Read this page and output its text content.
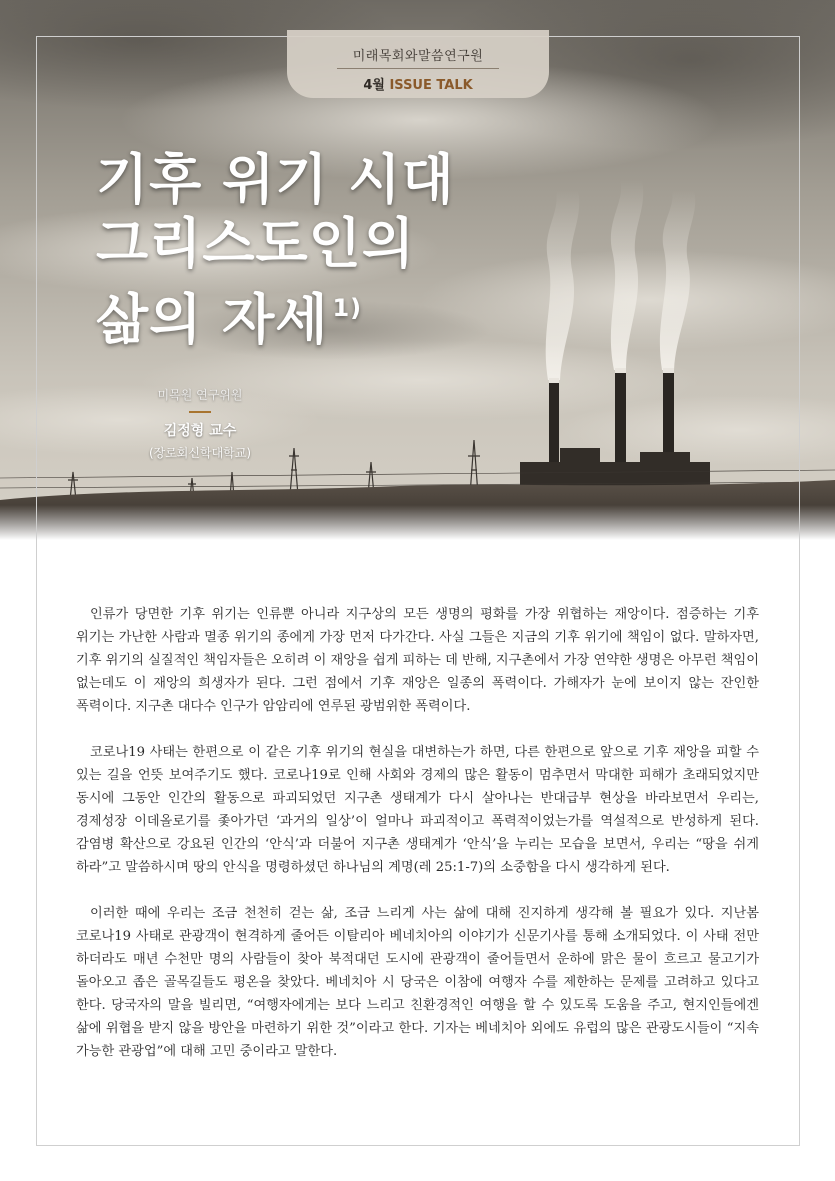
미래목회와말씀연구원
4월 ISSUE TALK
기후 위기 시대
그리스도인의
삶의 자세 $^{1)}$
미목원 연구위원
김정형 교수
(장로회신학대학교)

인류가 당면한 기후 위기는 인류뿐 아니라 지구상의 모든 생명의 평화를 가장 위협하는 재앙이다. 점증하는 기후 위기는 가난한 사람과 멸종 위기의 종에게 가장 먼저 다가간다. 사실 그들은 지금의 기후 위기에 책임이 없다. 말하자면, 기후 위기의 실질적인 책임자들은 오히려 이 재앙을 쉽게 피하는 데 반해, 지구촌에서 가장 연약한 생명은 아무런 책임이 없는데도 이 재앙의 희생자가 된다. 그런 점에서 기후 재앙은 일종의 폭력이다. 가해자가 눈에 보이지 않는 잔인한 폭력이다. 지구촌 대다수 인구가 암암리에 연루된 광범위한 폭력이다.

코로나19 사태는 한편으로 이 같은 기후 위기의 현실을 대변하는가 하면, 다른 한편으로 앞으로 기후 재앙을 피할 수 있는 길을 언뜻 보여주기도 했다. 코로나19로 인해 사회와 경제의 많은 활동이 멈추면서 막대한 피해가 초래되었지만 동시에 그동안 인간의 활동으로 파괴되었던 지구촌 생태계가 다시 살아나는 반대급부 현상을 바라보면서 우리는, 경제성장 이데올로기를 좇아가던 ‘과거의 일상’이 얼마나 파괴적이고 폭력적이었는가를 역설적으로 반성하게 된다. 감염병 확산으로 강요된 인간의 ‘안식’과 더불어 지구촌 생태계가 ‘안식’을 누리는 모습을 보면서, 우리는 “땅을 쉬게 하라”고 말씀하시며 땅의 안식을 명령하셨던 하나님의 계명(레 25:1-7)의 소중함을 다시 생각하게 된다.

이러한 때에 우리는 조금 천천히 걷는 삶, 조금 느리게 사는 삶에 대해 진지하게 생각해 볼 필요가 있다. 지난봄 코로나19 사태로 관광객이 현격하게 줄어든 이탈리아 베네치아의 이야기가 신문기사를 통해 소개되었다. 이 사태 전만 하더라도 매년 수천만 명의 사람들이 찾아 북적대던 도시에 관광객이 줄어들면서 운하에 맑은 물이 흐르고 물고기가 돌아오고 좁은 골목길들도 평온을 찾았다. 베네치아 시 당국은 이참에 여행자 수를 제한하는 문제를 고려하고 있다고 한다. 당국자의 말을 빌리면, “여행자에게는 보다 느리고 친환경적인 여행을 할 수 있도록 도움을 주고, 현지인들에겐 삶에 위협을 받지 않을 방안을 마련하기 위한 것”이라고 한다. 기자는 베네치아 외에도 유럽의 많은 관광도시들이 “지속 가능한 관광업”에 대해 고민 중이라고 말한다.
